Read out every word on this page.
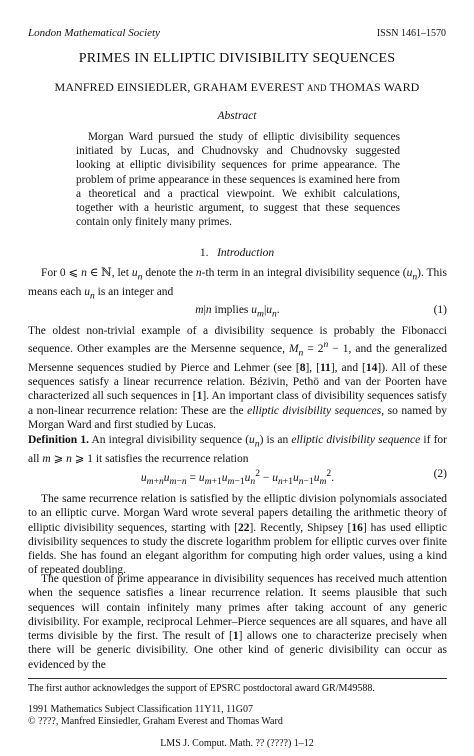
London Mathematical Society	ISSN 1461–1570
PRIMES IN ELLIPTIC DIVISIBILITY SEQUENCES
MANFRED EINSIEDLER, GRAHAM EVEREST AND THOMAS WARD
Abstract
Morgan Ward pursued the study of elliptic divisibility sequences initiated by Lucas, and Chudnovsky and Chudnovsky suggested looking at elliptic divisibility sequences for prime appearance. The problem of prime appearance in these sequences is examined here from a theoretical and a practical viewpoint. We exhibit calculations, together with a heuristic argument, to suggest that these sequences contain only finitely many primes.
1. Introduction
For 0 ⩽ n ∈ ℕ, let $u_n$ denote the n-th term in an integral divisibility sequence $(u_n)$. This means each $u_n$ is an integer and
m|n implies $u_m|u_n$.	(1)
The oldest non-trivial example of a divisibility sequence is probably the Fibonacci sequence. Other examples are the Mersenne sequence, $M_n = 2^n - 1$, and the generalized Mersenne sequences studied by Pierce and Lehmer (see [8], [11], and [14]). All of these sequences satisfy a linear recurrence relation. Bézivin, Pethö and van der Poorten have characterized all such sequences in [1]. An important class of divisibility sequences satisfy a non-linear recurrence relation: These are the elliptic divisibility sequences, so named by Morgan Ward and first studied by Lucas.
Definition 1. An integral divisibility sequence $(u_n)$ is an elliptic divisibility sequence if for all m ⩾ n ⩾ 1 it satisfies the recurrence relation
$u_{m+n}u_{m-n} = u_{m+1}u_{m-1}u_n^2 - u_{n+1}u_{n-1}u_m^2$.	(2)
The same recurrence relation is satisfied by the elliptic division polynomials associated to an elliptic curve. Morgan Ward wrote several papers detailing the arithmetic theory of elliptic divisibility sequences, starting with [22]. Recently, Shipsey [16] has used elliptic divisibility sequences to study the discrete logarithm problem for elliptic curves over finite fields. She has found an elegant algorithm for computing high order values, using a kind of repeated doubling.
The question of prime appearance in divisibility sequences has received much attention when the sequence satisfies a linear recurrence relation. It seems plausible that such sequences will contain infinitely many primes after taking account of any generic divisibility. For example, reciprocal Lehmer–Pierce sequences are all squares, and have all terms divisible by the first. The result of [1] allows one to characterize precisely when there will be generic divisibility. One other kind of generic divisibility can occur as evidenced by the
The first author acknowledges the support of EPSRC postdoctoral award GR/M49588.
1991 Mathematics Subject Classification 11Y11, 11G07
© ????, Manfred Einsiedler, Graham Everest and Thomas Ward
LMS J. Comput. Math. ?? (????) 1–12
